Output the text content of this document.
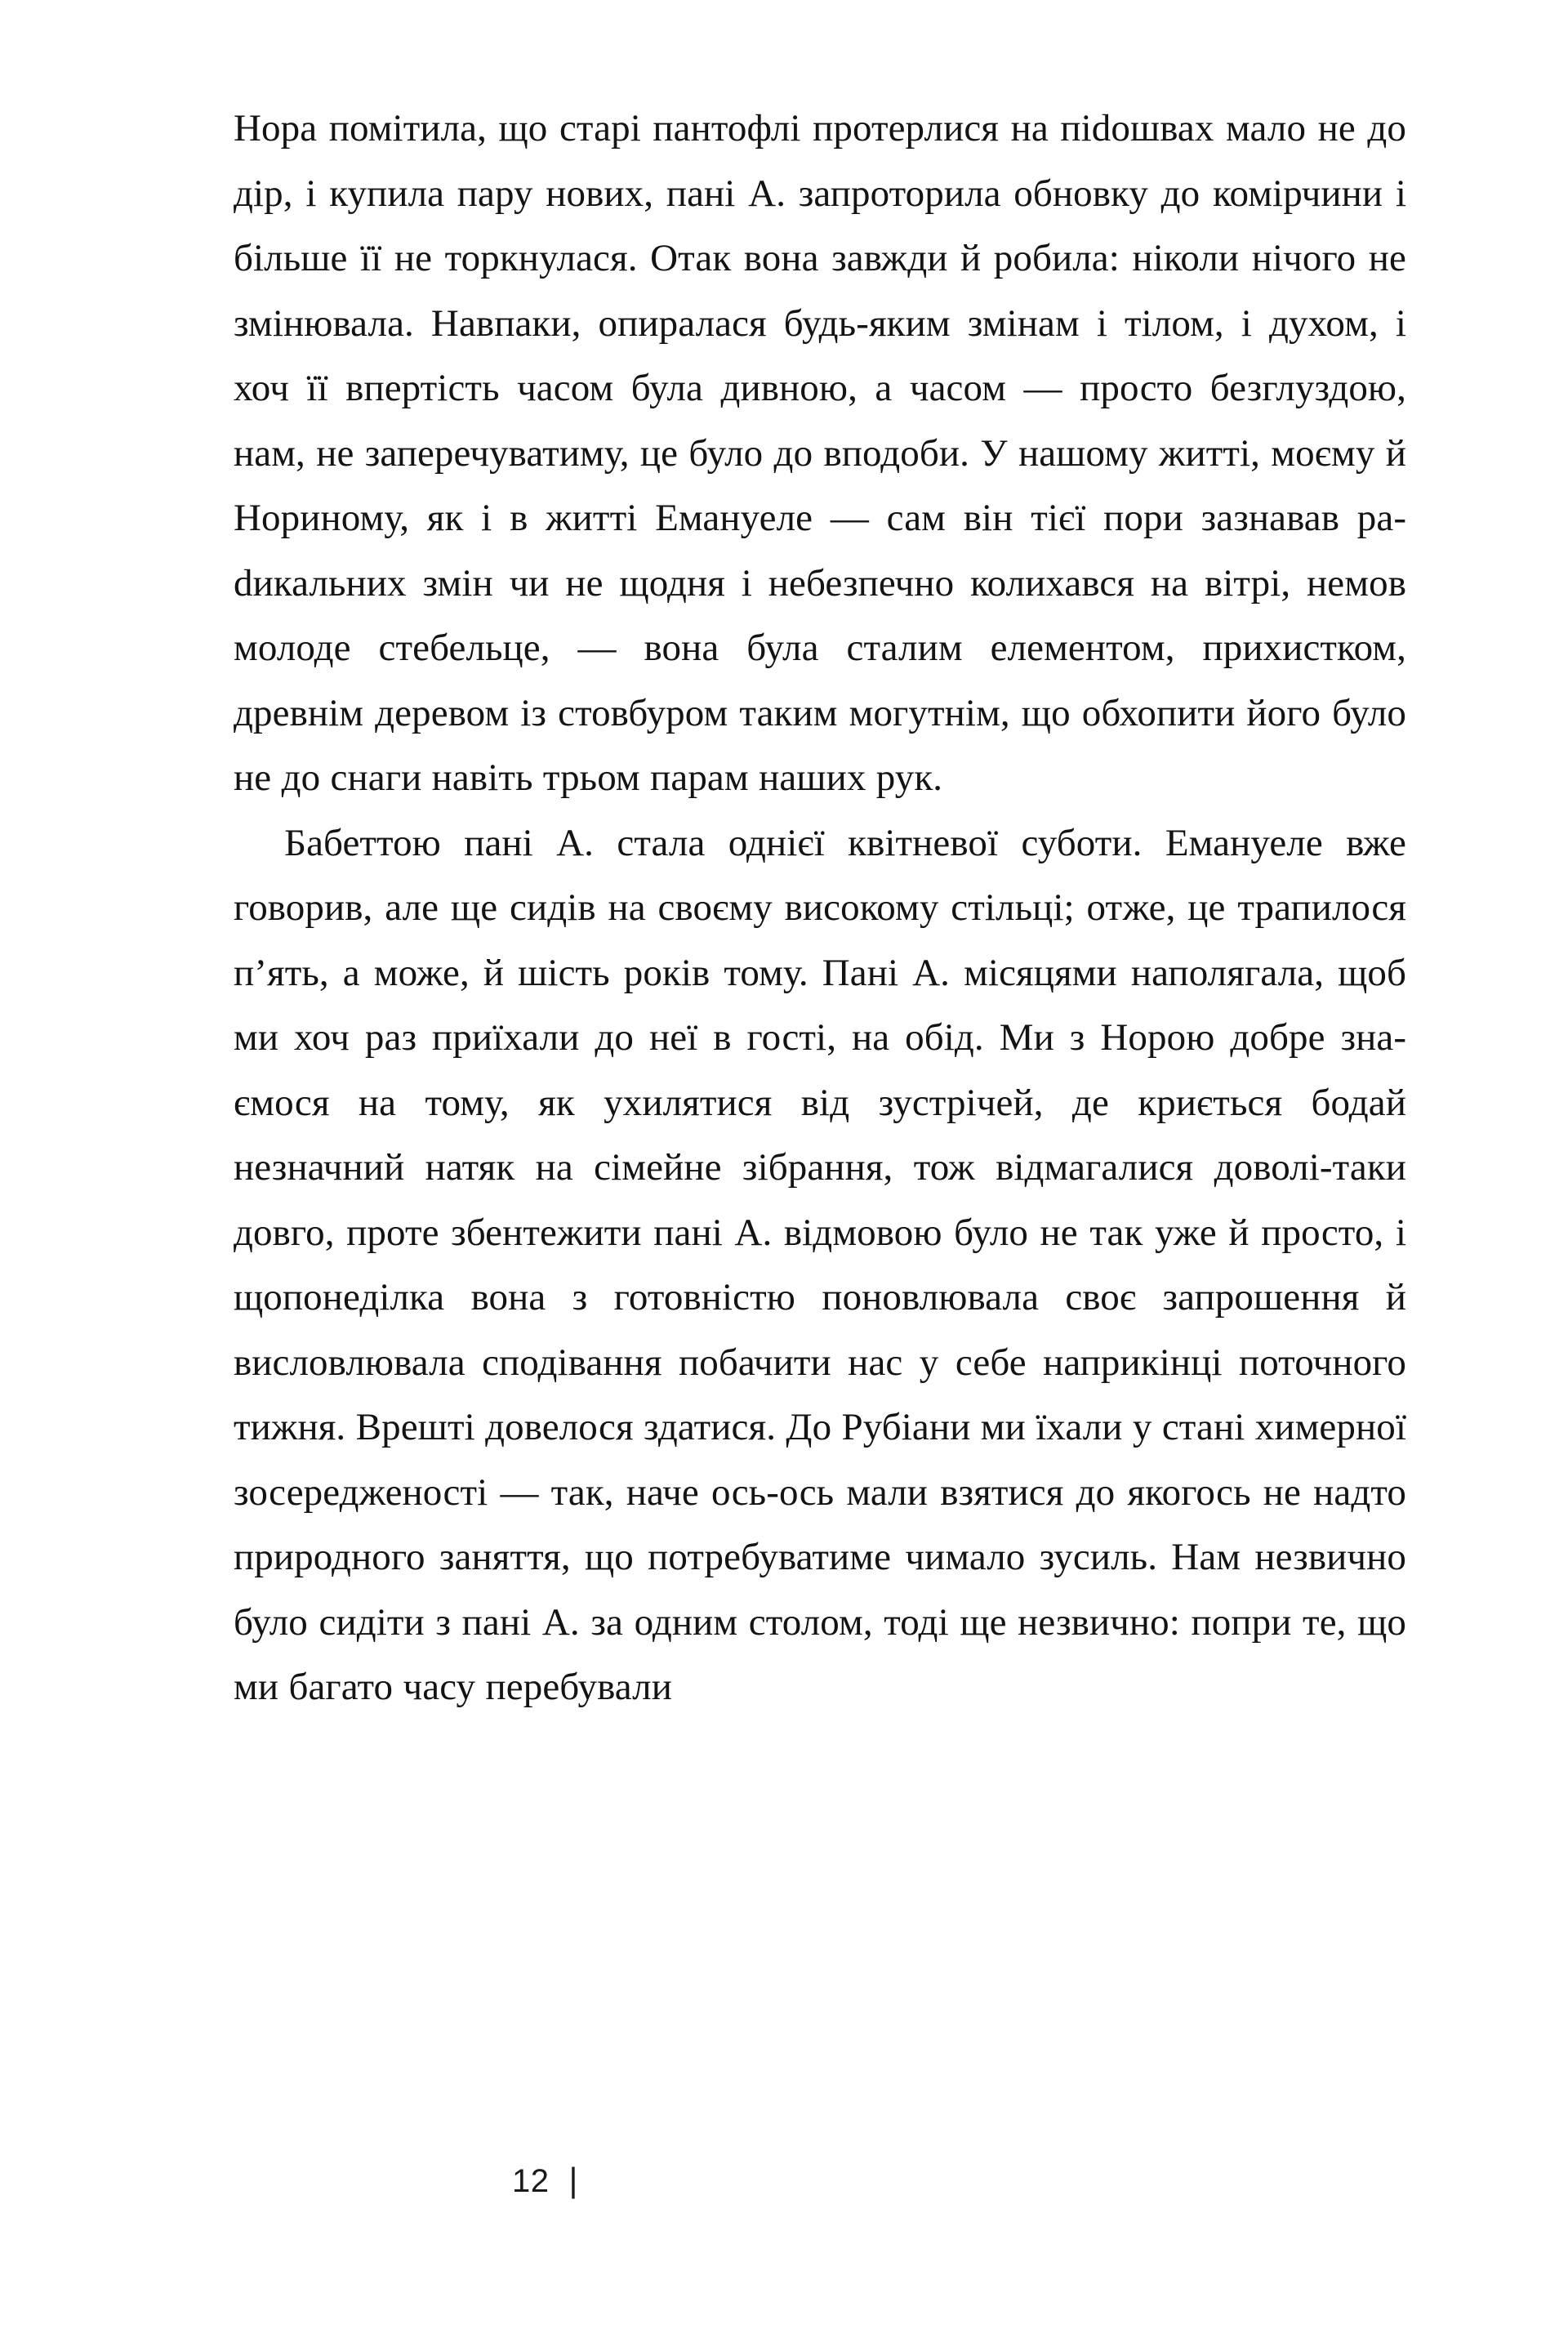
Нора помітила, що старі пантофлі протерлися на піdошвах мало не до дір, і купила пару нових, пані А. запроторила обновку до комірчини і більше її не торкнулася. Отак вона завжди й робила: ніколи нічого не змінювала. Навпаки, опиралася будь-яким змінам і тілом, і духом, і хоч її впертість часом була дивною, а часом — просто безглуздою, нам, не заперечуватиму, це було до вподоби. У нашому житті, моєму й Нориному, як і в житті Емануеле — сам він тієї пори зазнавав раdикальних змін чи не щодня і небезпечно колихався на вітрі, немов молоде стебельце, — вона була сталим елементом, прихистком, древнім деревом із стовбуром таким могутнім, що обхопити його було не до снаги навіть трьом парам наших рук.

Бабеттою пані А. стала однієї квітневої суботи. Емануеле вже говорив, але ще сидів на своєму високому стільці; отже, це трапилося п’ять, а може, й шість років тому. Пані А. місяцями наполягала, щоб ми хоч раз приїхали до неї в гості, на обід. Ми з Норою добре знаємося на тому, як ухилятися від зустрічей, де криється бодай незначний натяк на сімейне зібрання, тож відмагалися доволі-таки довго, проте збентежити пані А. відмовою було не так уже й просто, і щопонеділка вона з готовністю поновлювала своє запрошення й висловлювала сподівання побачити нас у себе наприкінці поточного тижня. Врешті довелося здатися. До Рубіани ми їхали у стані химерної зосередженості — так, наче ось-ось мали взятися до якогось не надто природного заняття, що потребуватиме чимало зусиль. Нам незвично було сидіти з пані А. за одним столом, тоді ще незвично: попри те, що ми багато часу перебували

12 |
